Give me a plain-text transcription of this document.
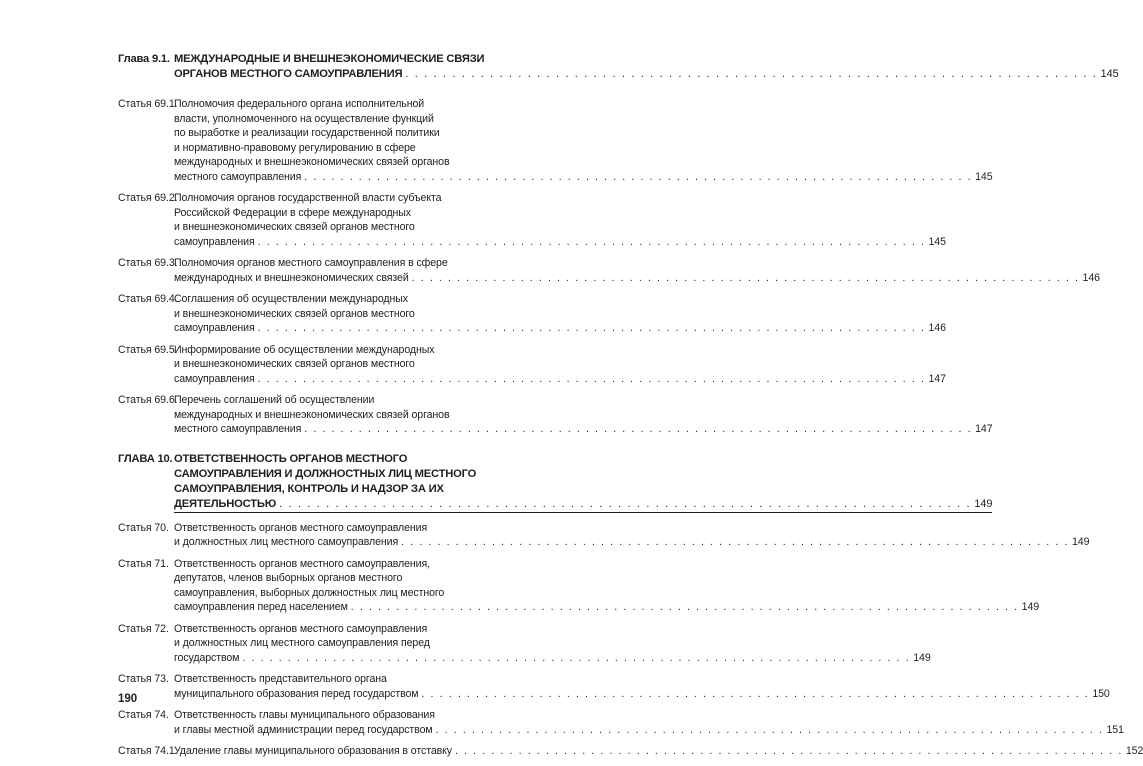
Глава 9.1. МЕЖДУНАРОДНЫЕ И ВНЕШНЕЭКОНОМИЧЕСКИЕ СВЯЗИ
ОРГАНОВ МЕСТНОГО САМОУПРАВЛЕНИЯ . . .	145
Статья 69.1.
Полномочия федерального органа исполнительной
власти, уполномоченного на осуществление функций
по выработке и реализации государственной политики
и нормативно-правовому регулированию в сфере
международных и внешнеэкономических связей органов
местного самоуправления . . .	145
Статья 69.2.
Полномочия органов государственной власти субъекта
Российской Федерации в сфере международных
и внешнеэкономических связей органов местного
самоуправления . . .	145
Статья 69.3.
Полномочия органов местного самоуправления в сфере
международных и внешнеэкономических связей . . .	146
Статья 69.4.
Соглашения об осуществлении международных
и внешнеэкономических связей органов местного
самоуправления . . .	146
Статья 69.5.
Информирование об осуществлении международных
и внешнеэкономических связей органов местного
самоуправления . . .	147
Статья 69.6.
Перечень соглашений об осуществлении
международных и внешнеэкономических связей органов
местного самоуправления . . .	147
ГЛАВА 10. ОТВЕТСТВЕННОСТЬ ОРГАНОВ МЕСТНОГО
САМОУПРАВЛЕНИЯ И ДОЛЖНОСТНЫХ ЛИЦ МЕСТНОГО
САМОУПРАВЛЕНИЯ, КОНТРОЛЬ И НАДЗОР ЗА ИХ
ДЕЯТЕЛЬНОСТЬЮ . . .	149
Статья 70. Ответственность органов местного самоуправления
и должностных лиц местного самоуправления . . .	149
Статья 71. Ответственность органов местного самоуправления,
депутатов, членов выборных органов местного
самоуправления, выборных должностных лиц местного
самоуправления перед населением . . .	149
Статья 72. Ответственность органов местного самоуправления
и должностных лиц местного самоуправления перед
государством . . .	149
Статья 73. Ответственность представительного органа
муниципального образования перед государством . . .	150
Статья 74. Ответственность главы муниципального образования
и главы местной администрации перед государством . . .	151
Статья 74.1.
Удаление главы муниципального образования в отставку . . .	152
190
